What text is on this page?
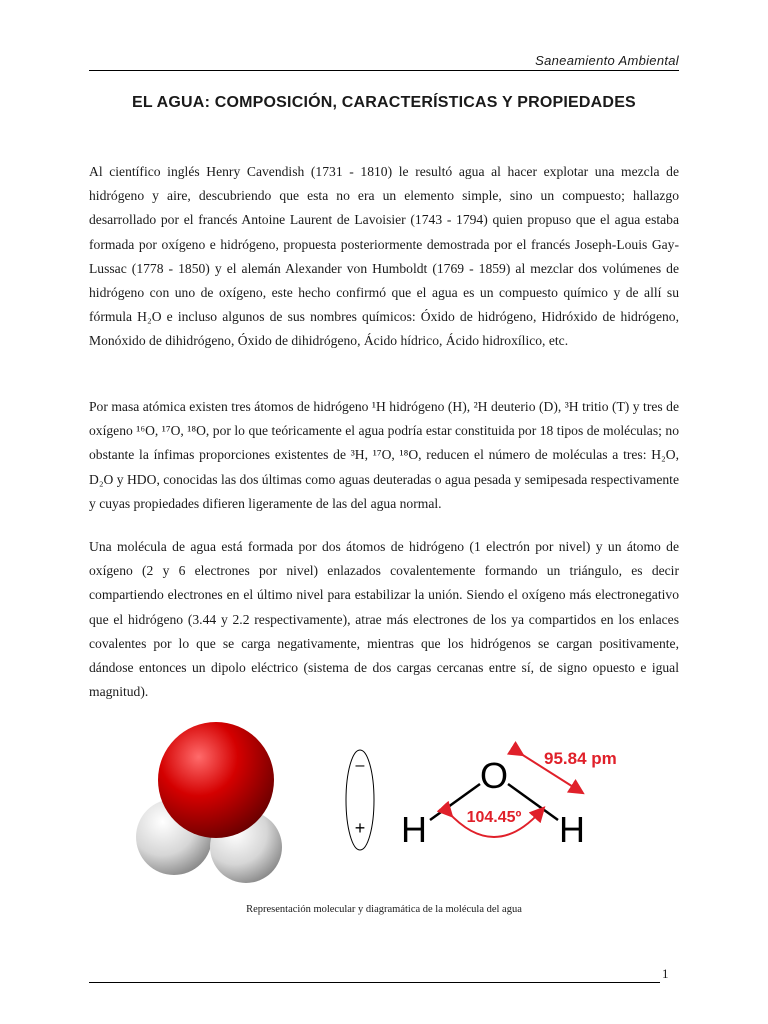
Saneamiento Ambiental
EL AGUA: COMPOSICIÓN, CARACTERÍSTICAS Y PROPIEDADES
Al científico inglés Henry Cavendish (1731 - 1810) le resultó agua al hacer explotar una mezcla de hidrógeno y aire, descubriendo que esta no era un elemento simple, sino un compuesto; hallazgo desarrollado por el francés Antoine Laurent de Lavoisier (1743 - 1794) quien propuso que el agua estaba formada por oxígeno e hidrógeno, propuesta posteriormente demostrada por el francés Joseph-Louis Gay-Lussac (1778 - 1850) y el alemán Alexander von Humboldt (1769 - 1859) al mezclar dos volúmenes de hidrógeno con uno de oxígeno, este hecho confirmó que el agua es un compuesto químico y de allí su fórmula H₂O e incluso algunos de sus nombres químicos: Óxido de hidrógeno, Hidróxido de hidrógeno, Monóxido de dihidrógeno, Óxido de dihidrógeno, Ácido hídrico, Ácido hidroxílico, etc.
Por masa atómica existen tres átomos de hidrógeno ¹H hidrógeno (H), ²H deuterio (D), ³H tritio (T) y tres de oxígeno ¹⁶O, ¹⁷O, ¹⁸O, por lo que teóricamente el agua podría estar constituida por 18 tipos de moléculas; no obstante la ínfimas proporciones existentes de ³H, ¹⁷O, ¹⁸O, reducen el número de moléculas a tres: H₂O, D₂O y HDO, conocidas las dos últimas como aguas deuteradas o agua pesada y semipesada respectivamente y cuyas propiedades difieren ligeramente de las del agua normal.
Una molécula de agua está formada por dos átomos de hidrógeno (1 electrón por nivel) y un átomo de oxígeno (2 y 6 electrones por nivel) enlazados covalentemente formando un triángulo, es decir compartiendo electrones en el último nivel para estabilizar la unión. Siendo el oxígeno más electronegativo que el hidrógeno (3.44 y 2.2 respectivamente), atrae más electrones de los ya compartidos en los enlaces covalentes por lo que se carga negativamente, mientras que los hidrógenos se cargan positivamente, dándose entonces un dipolo eléctrico (sistema de dos cargas cercanas entre sí, de signo opuesto e igual magnitud).
–
+
O
H	H
104.45º
95.84 pm
Representación molecular y diagramática de la molécula del agua
1
